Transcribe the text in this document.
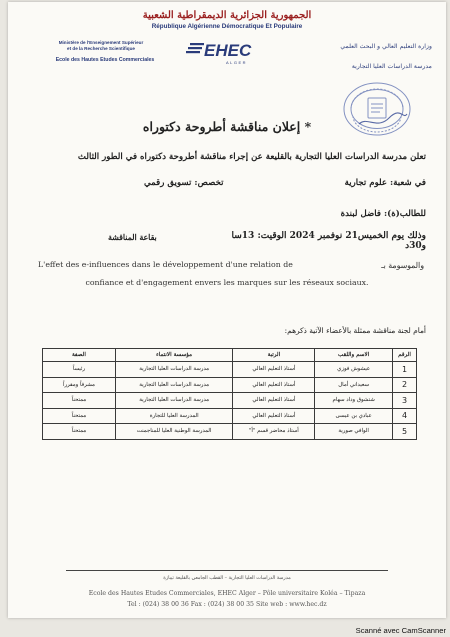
الجمهورية الجزائرية الديمقراطية الشعبية
République Algérienne Démocratique Et Populaire
Ministère de l'Enseignement Supérieur
et de la Recherche Scientifique
Ecole des Hautes Etudes Commerciales
وزارة التعليم العالي و البحث العلمي
مدرسة الدراسات العليا التجارية
EHEC
ALGER
إعلان مناقشة أطروحة دكتوراه *
تعلن مدرسة الدراسات العليا التجارية بالقليعة عن إجراء مناقشة أطروحة دكتوراه في الطور الثالث
في شعبة: علوم تجارية
تخصص: تسويق رقمي
للطالب(ة): فاضل لبندة
وذلك يوم الخميس21 نوفمبر 2024 الوقيت: 13سا و30د
بقاعة المناقشة
L'effet des e-influences dans le développement d'une relation de	والموسومة بـ
confiance et d'engagement envers les marques sur les réseaux sociaux.
أمام لجنة مناقشة ممثلة بالأعضاء الآتية ذكرهم:
الرقم	الاسم واللقب	الرتبة	مؤسسة الانتماء	الصفة
1	عيشوش فوزي	أستاذ التعليم العالي	مدرسة الدراسات العليا التجارية	رئيساً
2	سعيداني أمال	أستاذ التعليم العالي	مدرسة الدراسات العليا التجارية	مشرفاً ومقرراً
3	شتشوق وداد سهام	أستاذ التعليم العالي	مدرسة الدراسات العليا التجارية	ممتحناً
4	عبادي بن عيسى	أستاذ التعليم العالي	المدرسة العليا للتجارة	ممتحناً
5	الوافي صورية	أستاذ محاضر قسم "أ"	المدرسة الوطنية العليا للمناجمنت	ممتحناً
مدرسة الدراسات العليا التجارية – القطب الجامعي بالقليعة تيبازة
Ecole des Hautes Etudes Commerciales, EHEC Alger – Pôle universitaire Koléa – Tipaza
Tel : (024) 38 00 36 Fax : (024) 38 00 35 Site web : www.hec.dz
Scanné avec CamScanner
